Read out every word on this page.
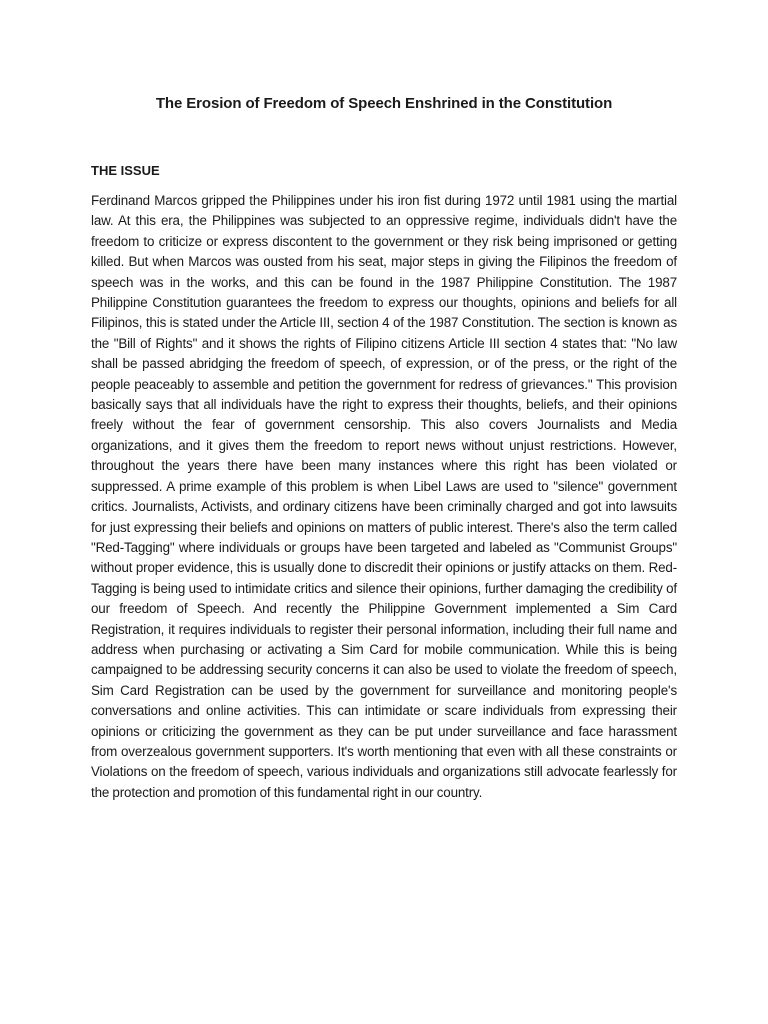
The Erosion of Freedom of Speech Enshrined in the Constitution
THE ISSUE

Ferdinand Marcos gripped the Philippines under his iron fist during 1972 until 1981 using the martial law. At this era, the Philippines was subjected to an oppressive regime, individuals didn't have the freedom to criticize or express discontent to the government or they risk being imprisoned or getting killed. But when Marcos was ousted from his seat, major steps in giving the Filipinos the freedom of speech was in the works, and this can be found in the 1987 Philippine Constitution. The 1987 Philippine Constitution guarantees the freedom to express our thoughts, opinions and beliefs for all Filipinos, this is stated under the Article III, section 4 of the 1987 Constitution. The section is known as the "Bill of Rights" and it shows the rights of Filipino citizens Article III section 4 states that: "No law shall be passed abridging the freedom of speech, of expression, or of the press, or the right of the people peaceably to assemble and petition the government for redress of grievances." This provision basically says that all individuals have the right to express their thoughts, beliefs, and their opinions freely without the fear of government censorship. This also covers Journalists and Media organizations, and it gives them the freedom to report news without unjust restrictions. However, throughout the years there have been many instances where this right has been violated or suppressed. A prime example of this problem is when Libel Laws are used to "silence" government critics. Journalists, Activists, and ordinary citizens have been criminally charged and got into lawsuits for just expressing their beliefs and opinions on matters of public interest. There's also the term called "Red-Tagging" where individuals or groups have been targeted and labeled as "Communist Groups" without proper evidence, this is usually done to discredit their opinions or justify attacks on them. Red-Tagging is being used to intimidate critics and silence their opinions, further damaging the credibility of our freedom of Speech. And recently the Philippine Government implemented a Sim Card Registration, it requires individuals to register their personal information, including their full name and address when purchasing or activating a Sim Card for mobile communication. While this is being campaigned to be addressing security concerns it can also be used to violate the freedom of speech, Sim Card Registration can be used by the government for surveillance and monitoring people's conversations and online activities. This can intimidate or scare individuals from expressing their opinions or criticizing the government as they can be put under surveillance and face harassment from overzealous government supporters. It's worth mentioning that even with all these constraints or Violations on the freedom of speech, various individuals and organizations still advocate fearlessly for the protection and promotion of this fundamental right in our country.
